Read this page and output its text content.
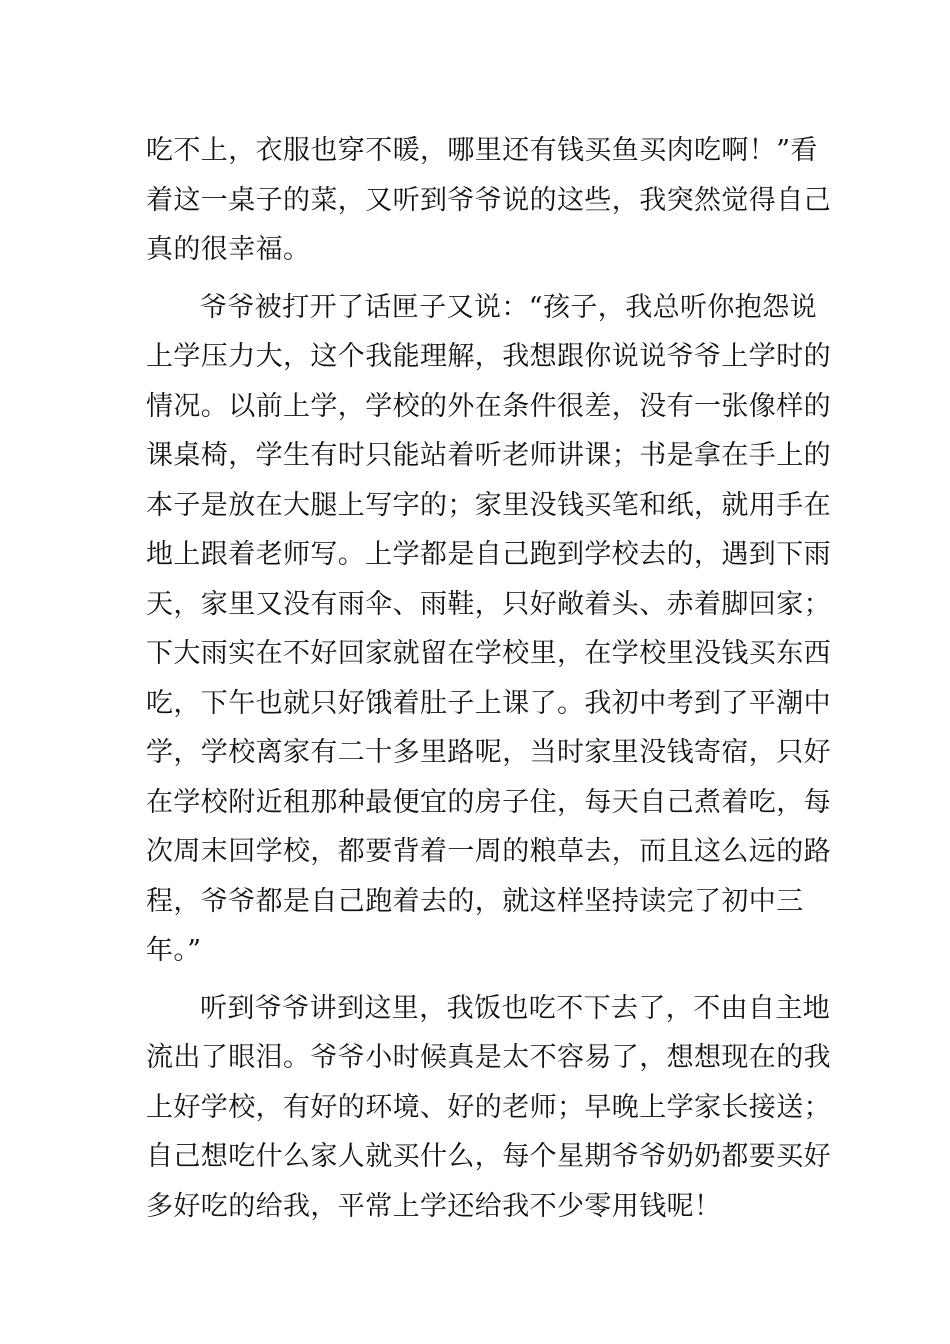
吃不上，衣服也穿不暖，哪里还有钱买鱼买肉吃啊！”看
着这一桌子的菜，又听到爷爷说的这些，我突然觉得自己
真的很幸福。
爷爷被打开了话匣子又说：“孩子，我总听你抱怨说
上学压力大，这个我能理解，我想跟你说说爷爷上学时的
情况。以前上学，学校的外在条件很差，没有一张像样的
课桌椅，学生有时只能站着听老师讲课；书是拿在手上的
本子是放在大腿上写字的；家里没钱买笔和纸，就用手在
地上跟着老师写。上学都是自己跑到学校去的，遇到下雨
天，家里又没有雨伞、雨鞋，只好敞着头、赤着脚回家；
下大雨实在不好回家就留在学校里，在学校里没钱买东西
吃，下午也就只好饿着肚子上课了。我初中考到了平潮中
学，学校离家有二十多里路呢，当时家里没钱寄宿，只好
在学校附近租那种最便宜的房子住，每天自己煮着吃，每
次周末回学校，都要背着一周的粮草去，而且这么远的路
程，爷爷都是自己跑着去的，就这样坚持读完了初中三
年。”
听到爷爷讲到这里，我饭也吃不下去了，不由自主地
流出了眼泪。爷爷小时候真是太不容易了，想想现在的我
上好学校，有好的环境、好的老师；早晚上学家长接送；
自己想吃什么家人就买什么，每个星期爷爷奶奶都要买好
多好吃的给我，平常上学还给我不少零用钱呢！
